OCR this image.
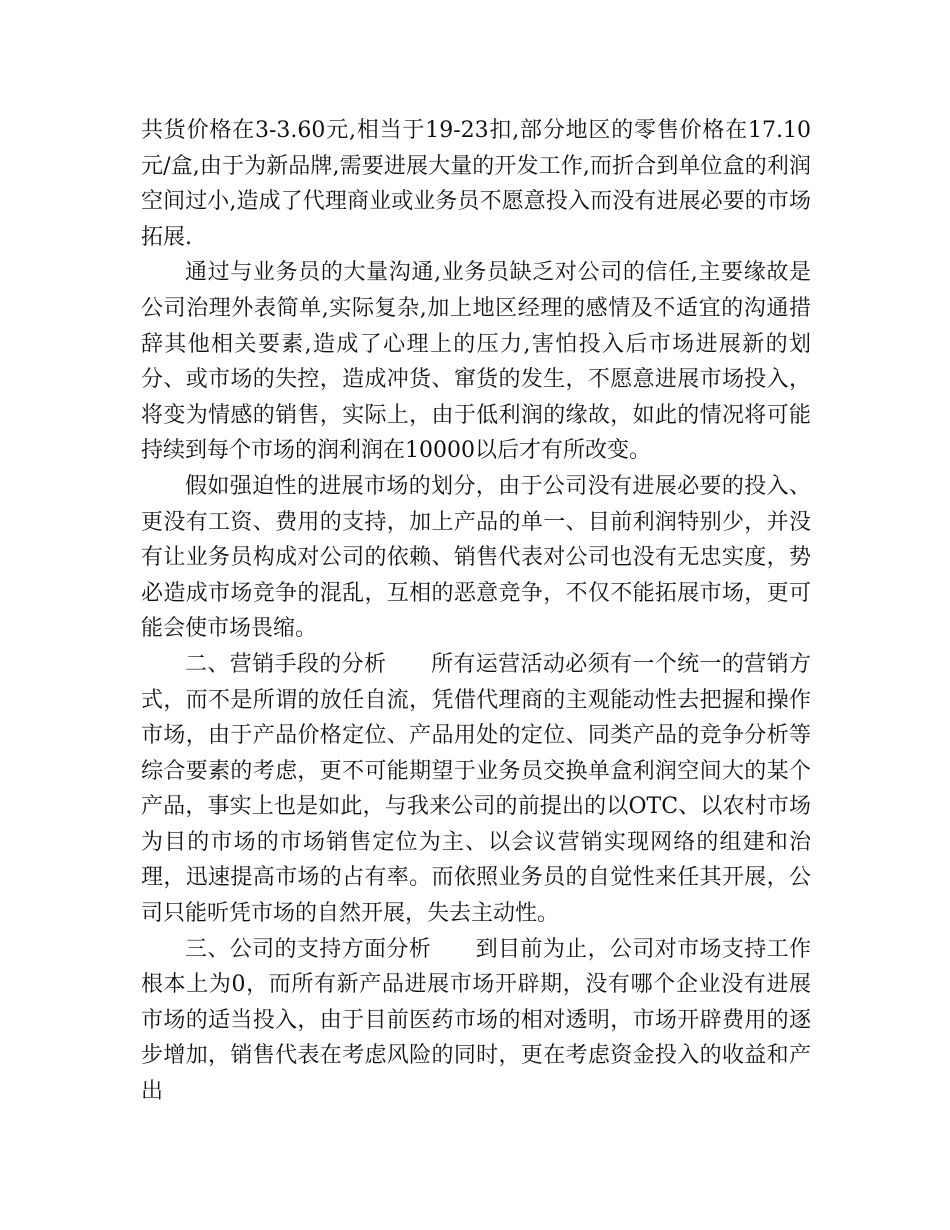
共货价格在3-3.60元,相当于19-23扣,部分地区的零售价格在17.10元/盒,由于为新品牌,需要进展大量的开发工作,而折合到单位盒的利润空间过小,造成了代理商业或业务员不愿意投入而没有进展必要的市场拓展.

通过与业务员的大量沟通,业务员缺乏对公司的信任,主要缘故是公司治理外表简单,实际复杂,加上地区经理的感情及不适宜的沟通措辞其他相关要素,造成了心理上的压力,害怕投入后市场进展新的划分、或市场的失控，造成冲货、窜货的发生，不愿意进展市场投入，将变为情感的销售，实际上，由于低利润的缘故，如此的情况将可能持续到每个市场的润利润在10000以后才有所改变。

假如强迫性的进展市场的划分，由于公司没有进展必要的投入、更没有工资、费用的支持，加上产品的单一、目前利润特别少，并没有让业务员构成对公司的依赖、销售代表对公司也没有无忠实度，势必造成市场竞争的混乱，互相的恶意竞争，不仅不能拓展市场，更可能会使市场畏缩。

二、营销手段的分析　　所有运营活动必须有一个统一的营销方式，而不是所谓的放任自流，凭借代理商的主观能动性去把握和操作市场，由于产品价格定位、产品用处的定位、同类产品的竞争分析等综合要素的考虑，更不可能期望于业务员交换单盒利润空间大的某个产品，事实上也是如此，与我来公司的前提出的以OTC、以农村市场为目的市场的市场销售定位为主、以会议营销实现网络的组建和治理，迅速提高市场的占有率。而依照业务员的自觉性来任其开展，公司只能听凭市场的自然开展，失去主动性。

三、公司的支持方面分析　　到目前为止，公司对市场支持工作根本上为0，而所有新产品进展市场开辟期，没有哪个企业没有进展市场的适当投入，由于目前医药市场的相对透明，市场开辟费用的逐步增加，销售代表在考虑风险的同时，更在考虑资金投入的收益和产出
